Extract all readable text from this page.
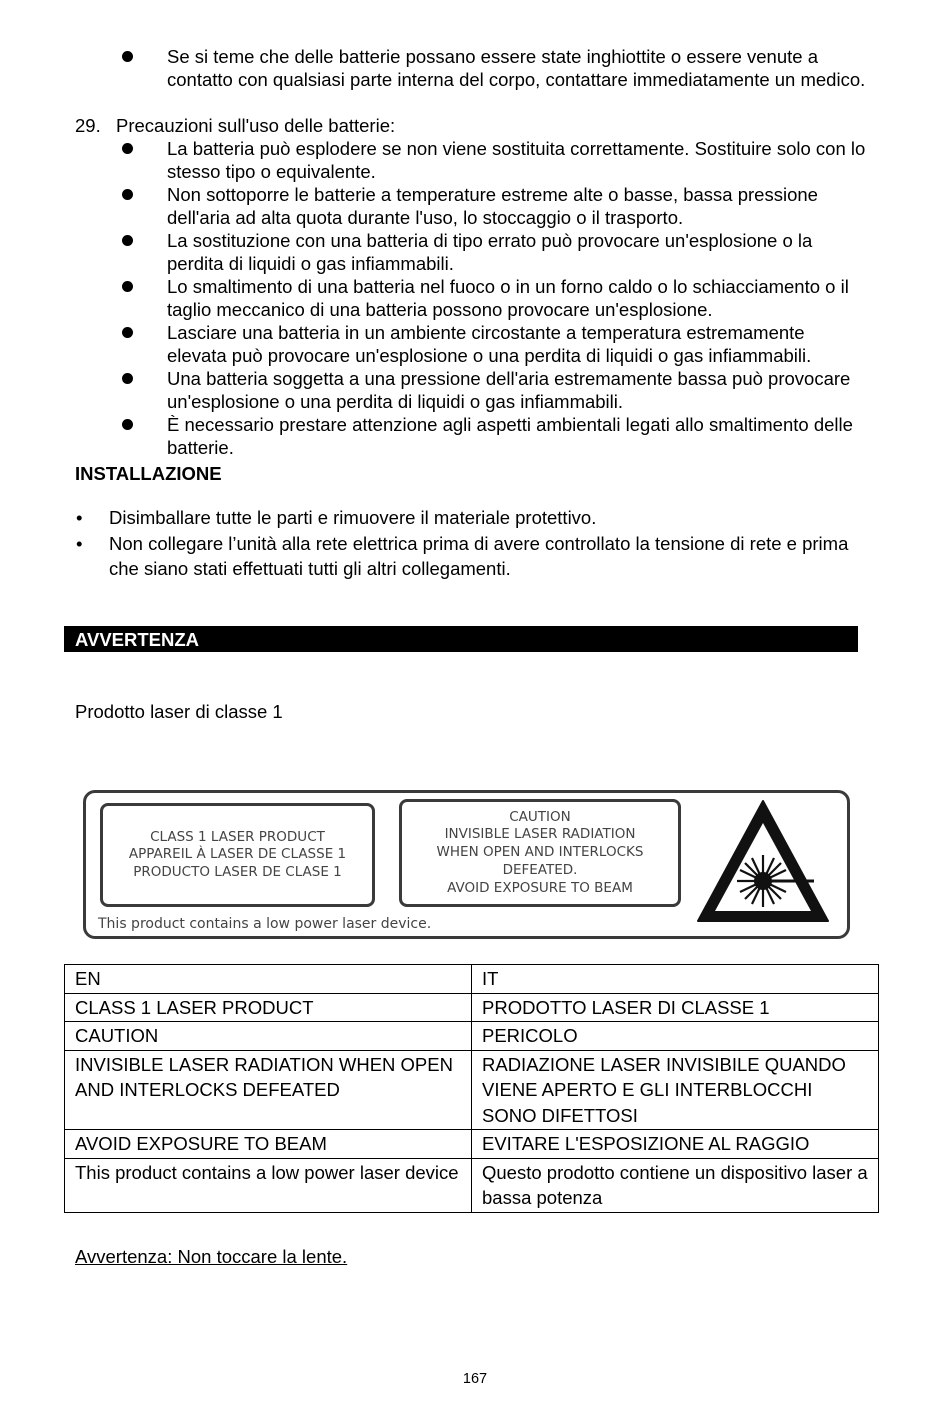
Se si teme che delle batterie possano essere state inghiottite o essere venute a contatto con qualsiasi parte interna del corpo, contattare immediatamente un medico.
29. Precauzioni sull'uso delle batterie:
La batteria può esplodere se non viene sostituita correttamente. Sostituire solo con lo stesso tipo o equivalente.
Non sottoporre le batterie a temperature estreme alte o basse, bassa pressione dell'aria ad alta quota durante l'uso, lo stoccaggio o il trasporto.
La sostituzione con una batteria di tipo errato può provocare un'esplosione o la perdita di liquidi o gas infiammabili.
Lo smaltimento di una batteria nel fuoco o in un forno caldo o lo schiacciamento o il taglio meccanico di una batteria possono provocare un'esplosione.
Lasciare una batteria in un ambiente circostante a temperatura estremamente elevata può provocare un'esplosione o una perdita di liquidi o gas infiammabili.
Una batteria soggetta a una pressione dell'aria estremamente bassa può provocare un'esplosione o una perdita di liquidi o gas infiammabili.
È necessario prestare attenzione agli aspetti ambientali legati allo smaltimento delle batterie.
INSTALLAZIONE
• Disimballare tutte le parti e rimuovere il materiale protettivo.
• Non collegare l’unità alla rete elettrica prima di avere controllato la tensione di rete e prima che siano stati effettuati tutti gli altri collegamenti.
AVVERTENZA
Prodotto laser di classe 1
CLASS 1 LASER PRODUCT
APPAREIL À LASER DE CLASSE 1
PRODUCTO LASER DE CLASE 1
CAUTION
INVISIBLE LASER RADIATION
WHEN OPEN AND INTERLOCKS
DEFEATED.
AVOID EXPOSURE TO BEAM
This product contains a low power laser device.
EN	IT
CLASS 1 LASER PRODUCT	PRODOTTO LASER DI CLASSE 1
CAUTION	PERICOLO
INVISIBLE LASER RADIATION WHEN OPEN AND INTERLOCKS DEFEATED	RADIAZIONE LASER INVISIBILE QUANDO VIENE APERTO E GLI INTERBLOCCHI SONO DIFETTOSI
AVOID EXPOSURE TO BEAM	EVITARE L'ESPOSIZIONE AL RAGGIO
This product contains a low power laser device	Questo prodotto contiene un dispositivo laser a bassa potenza
Avvertenza: Non toccare la lente.
167
